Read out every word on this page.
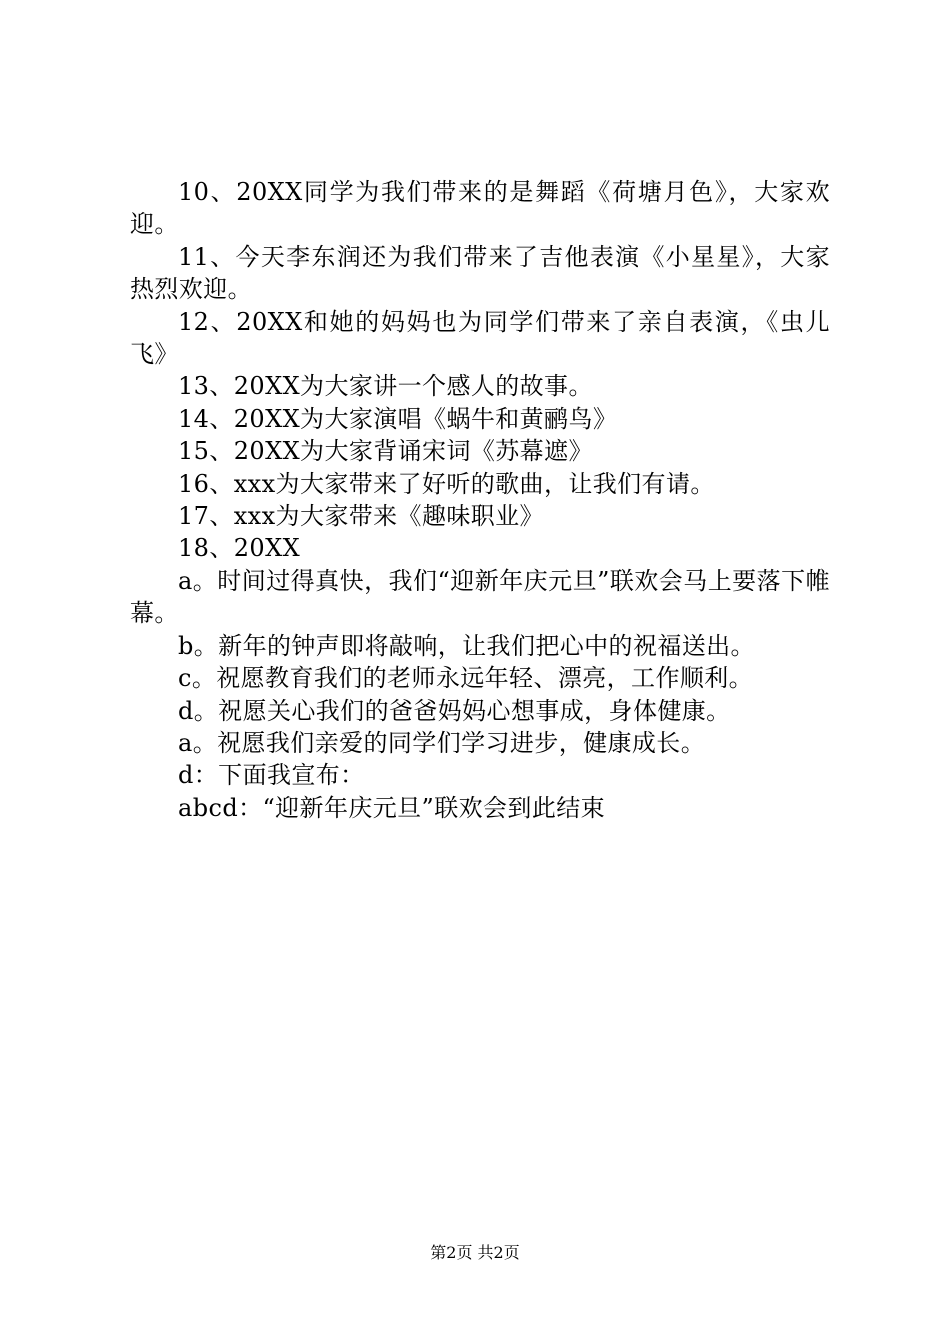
10、20XX同学为我们带来的是舞蹈《荷塘月色》，大家欢迎。

11、今天李东润还为我们带来了吉他表演《小星星》，大家热烈欢迎。

12、20XX和她的妈妈也为同学们带来了亲自表演，《虫儿飞》

13、20XX为大家讲一个感人的故事。

14、20XX为大家演唱《蜗牛和黄鹂鸟》

15、20XX为大家背诵宋词《苏幕遮》

16、xxx为大家带来了好听的歌曲，让我们有请。

17、xxx为大家带来《趣味职业》

18、20XX

a。时间过得真快，我们“迎新年庆元旦”联欢会马上要落下帷幕。

b。新年的钟声即将敲响，让我们把心中的祝福送出。

c。祝愿教育我们的老师永远年轻、漂亮，工作顺利。

d。祝愿关心我们的爸爸妈妈心想事成，身体健康。

a。祝愿我们亲爱的同学们学习进步，健康成长。

d：下面我宣布：

abcd：“迎新年庆元旦”联欢会到此结束

第2页 共2页
